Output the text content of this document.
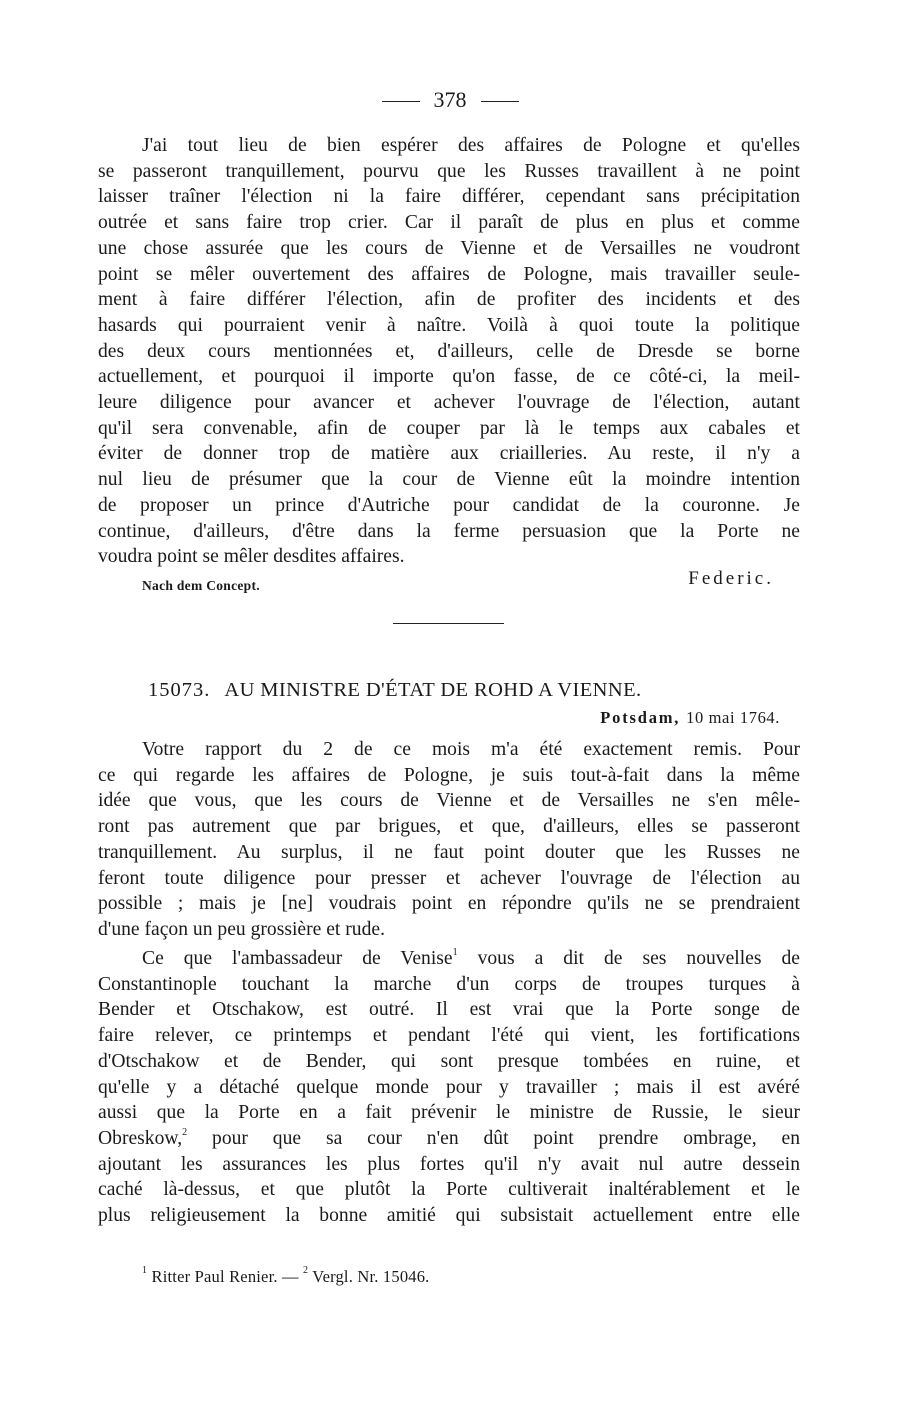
378

J'ai tout lieu de bien espérer des affaires de Pologne et qu'elles

se passeront tranquillement, pourvu que les Russes travaillent à ne point

laisser traîner l'élection ni la faire différer, cependant sans précipitation

outrée et sans faire trop crier. Car il paraît de plus en plus et comme

une chose assurée que les cours de Vienne et de Versailles ne voudront

point se mêler ouvertement des affaires de Pologne, mais travailler seule-

ment à faire différer l'élection, afin de profiter des incidents et des

hasards qui pourraient venir à naître. Voilà à quoi toute la politique

des deux cours mentionnées et, d'ailleurs, celle de Dresde se borne

actuellement, et pourquoi il importe qu'on fasse, de ce côté-ci, la meil-

leure diligence pour avancer et achever l'ouvrage de l'élection, autant

qu'il sera convenable, afin de couper par là le temps aux cabales et

éviter de donner trop de matière aux criailleries. Au reste, il n'y a

nul lieu de présumer que la cour de Vienne eût la moindre intention

de proposer un prince d'Autriche pour candidat de la couronne. Je

continue, d'ailleurs, d'être dans la ferme persuasion que la Porte ne

voudra point se mêler desdites affaires.

Nach dem Concept.	Federic.
15073. AU MINISTRE D'ÉTAT DE ROHD A VIENNE.
Potsdam, 10 mai 1764.

Votre rapport du 2 de ce mois m'a été exactement remis. Pour

ce qui regarde les affaires de Pologne, je suis tout-à-fait dans la même

idée que vous, que les cours de Vienne et de Versailles ne s'en mêle-

ront pas autrement que par brigues, et que, d'ailleurs, elles se passeront

tranquillement. Au surplus, il ne faut point douter que les Russes ne

feront toute diligence pour presser et achever l'ouvrage de l'élection au

possible ; mais je [ne] voudrais point en répondre qu'ils ne se prendraient

d'une façon un peu grossière et rude.

Ce que l'ambassadeur de Venise$^1$ vous a dit de ses nouvelles de

Constantinople touchant la marche d'un corps de troupes turques à

Bender et Otschakow, est outré. Il est vrai que la Porte songe de

faire relever, ce printemps et pendant l'été qui vient, les fortifications

d'Otschakow et de Bender, qui sont presque tombées en ruine, et

qu'elle y a détaché quelque monde pour y travailler ; mais il est avéré

aussi que la Porte en a fait prévenir le ministre de Russie, le sieur

Obreskow,$^2$ pour que sa cour n'en dût point prendre ombrage, en

ajoutant les assurances les plus fortes qu'il n'y avait nul autre dessein

caché là-dessus, et que plutôt la Porte cultiverait inaltérablement et le

plus religieusement la bonne amitié qui subsistait actuellement entre elle

$^1$ Ritter Paul Renier. — $^2$ Vergl. Nr. 15046.
